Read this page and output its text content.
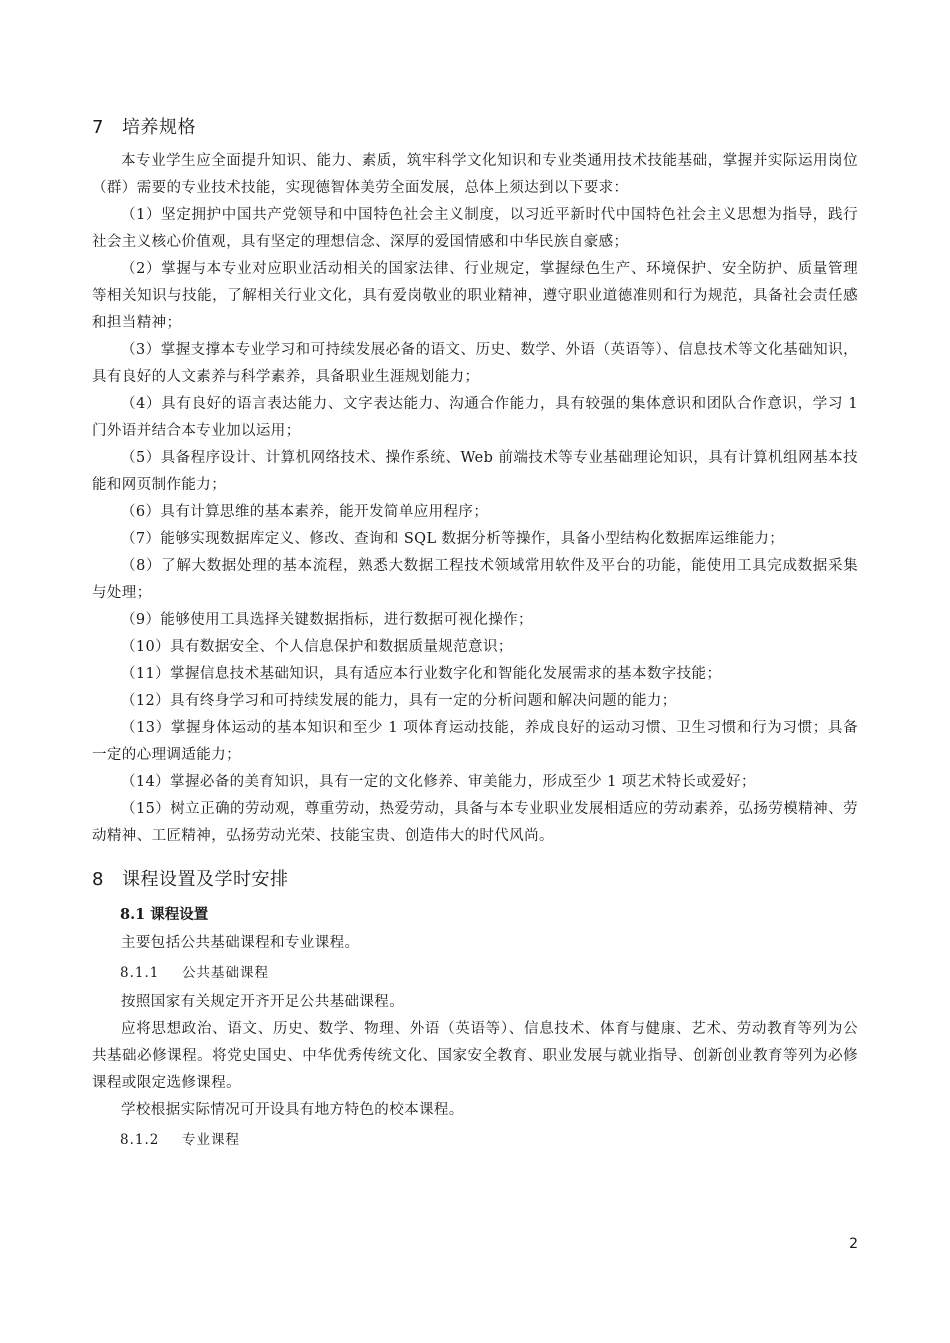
7 培养规格

本专业学生应全面提升知识、能力、素质，筑牢科学文化知识和专业类通用技术技能基础，掌握并实际运用岗位（群）需要的专业技术技能，实现德智体美劳全面发展，总体上须达到以下要求：

（1）坚定拥护中国共产党领导和中国特色社会主义制度，以习近平新时代中国特色社会主义思想为指导，践行社会主义核心价值观，具有坚定的理想信念、深厚的爱国情感和中华民族自豪感；

（2）掌握与本专业对应职业活动相关的国家法律、行业规定，掌握绿色生产、环境保护、安全防护、质量管理等相关知识与技能，了解相关行业文化，具有爱岗敬业的职业精神，遵守职业道德准则和行为规范，具备社会责任感和担当精神；

（3）掌握支撑本专业学习和可持续发展必备的语文、历史、数学、外语（英语等）、信息技术等文化基础知识，具有良好的人文素养与科学素养，具备职业生涯规划能力；

（4）具有良好的语言表达能力、文字表达能力、沟通合作能力，具有较强的集体意识和团队合作意识，学习 1 门外语并结合本专业加以运用；

（5）具备程序设计、计算机网络技术、操作系统、Web 前端技术等专业基础理论知识，具有计算机组网基本技能和网页制作能力；

（6）具有计算思维的基本素养，能开发简单应用程序；

（7）能够实现数据库定义、修改、查询和 SQL 数据分析等操作，具备小型结构化数据库运维能力；

（8）了解大数据处理的基本流程，熟悉大数据工程技术领域常用软件及平台的功能，能使用工具完成数据采集与处理；

（9）能够使用工具选择关键数据指标，进行数据可视化操作；

（10）具有数据安全、个人信息保护和数据质量规范意识；

（11）掌握信息技术基础知识，具有适应本行业数字化和智能化发展需求的基本数字技能；

（12）具有终身学习和可持续发展的能力，具有一定的分析问题和解决问题的能力；

（13）掌握身体运动的基本知识和至少 1 项体育运动技能，养成良好的运动习惯、卫生习惯和行为习惯；具备一定的心理调适能力；

（14）掌握必备的美育知识，具有一定的文化修养、审美能力，形成至少 1 项艺术特长或爱好；

（15）树立正确的劳动观，尊重劳动，热爱劳动，具备与本专业职业发展相适应的劳动素养，弘扬劳模精神、劳动精神、工匠精神，弘扬劳动光荣、技能宝贵、创造伟大的时代风尚。

8 课程设置及学时安排
8.1 课程设置

主要包括公共基础课程和专业课程。

8.1.1 公共基础课程

按照国家有关规定开齐开足公共基础课程。

应将思想政治、语文、历史、数学、物理、外语（英语等）、信息技术、体育与健康、艺术、劳动教育等列为公共基础必修课程。将党史国史、中华优秀传统文化、国家安全教育、职业发展与就业指导、创新创业教育等列为必修课程或限定选修课程。

学校根据实际情况可开设具有地方特色的校本课程。

8.1.2 专业课程

2
